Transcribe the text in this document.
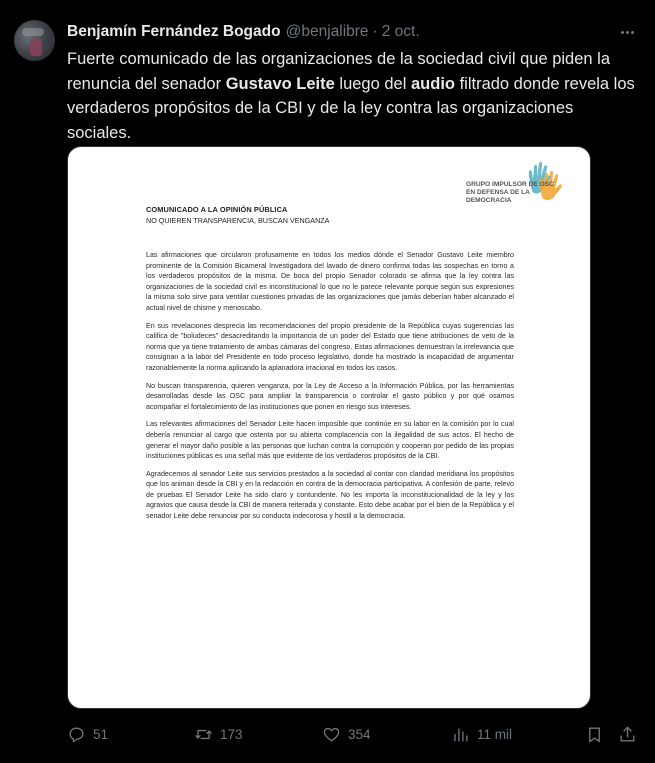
Benjamín Fernández Bogado @benjalibre · 2 oct.
Fuerte comunicado de las organizaciones de la sociedad civil que piden la renuncia del senador Gustavo Leite luego del audio filtrado donde revela los verdaderos propósitos de la CBI y de la ley contra las organizaciones sociales.
GRUPO IMPULSOR DE OSC EN DEFENSA DE LA DEMOCRACIA
COMUNICADO A LA OPINIÓN PÚBLICA
NO QUIEREN TRANSPARENCIA, BUSCAN VENGANZA

Las afirmaciones que circularon profusamente en todos los medios dónde el Senador Gustavo Leite miembro prominente de la Comisión Bicameral Investigadora del lavado de dinero confirma todas las sospechas en torno a los verdaderos propósitos de la misma. De boca del propio Senador colorado se afirma que la ley contra las organizaciones de la sociedad civil es inconstitucional lo que no le parece relevante porque según sus expresiones la misma solo sirve para ventilar cuestiones privadas de las organizaciones que jamás deberían haber alcanzado el actual nivel de chisme y menoscabo.

En sus revelaciones desprecia las recomendaciones del propio presidente de la República cuyas sugerencias las califica de "boludeces" desacreditando la importancia de un poder del Estado que tiene atribuciones de veto de la norma que ya tiene tratamiento de ambas cámaras del congreso. Estas afirmaciones demuestran la irrelevancia que consignan a la labor del Presidente en todo proceso legislativo, donde ha mostrado la incapacidad de argumentar razonablemente la norma aplicando la aplanadora irracional en todos los casos.

No buscan transparencia, quieren venganza, por la Ley de Acceso a la Información Pública, por las herramientas desarrolladas desde las OSC para ampliar la transparencia o controlar el gasto público y por qué osamos acompañar el fortalecimiento de las instituciones que ponen en riesgo sus intereses.

Las relevantes afirmaciones del Senador Leite hacen imposible que continúe en su labor en la comisión por lo cual debería renunciar al cargo que ostenta por su abierta complacencia con la ilegalidad de sus actos. El hecho de generar el mayor daño posible a las personas que luchan contra la corrupción y cooperan por pedido de las propias instituciones públicas es una señal más que evidente de los verdaderos propósitos de la CBI.

Agradecemos al senador Leite sus servicios prestados a la sociedad al contar con claridad meridiana los propósitos que los animan desde la CBI y en la redacción en contra de la democracia participativa. A confesión de parte, relevo de pruebas El Senador Leite ha sido claro y contundente. No les importa la inconstitucionalidad de la ley y los agravios que causa desde la CBI de manera reiterada y constante. Esto debe acabar por el bien de la República y el senador Leite debe renunciar por su conducta indecorosa y hostil a la democracia.

51	173	354	11 mil
